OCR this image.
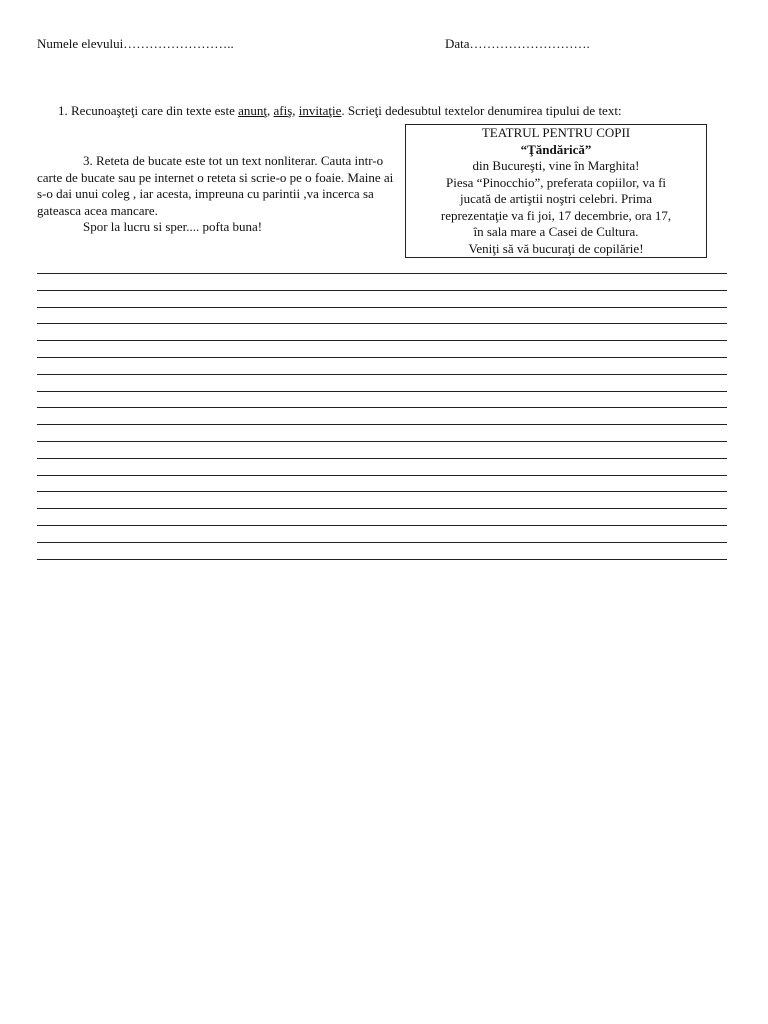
Numele elevului……………………..	Data……………………….
1. Recunoaşteţi care din texte este anunţ, afiş, invitaţie. Scrieţi dedesubtul textelor denumirea tipului de text:

3. Reteta de bucate este tot un text nonliterar. Cauta intr-o carte de bucate sau pe internet o reteta si scrie-o pe o foaie. Maine ai s-o dai unui coleg , iar acesta, impreuna cu parintii ,va incerca sa gateasca acea mancare.

Spor la lucru si sper.... pofta buna!

TEATRUL PENTRU COPII
“Ţăndărică”
din Bucureşti, vine în Marghita!
Piesa “Pinocchio”, preferata copiilor, va fi
jucată de artiştii noştri celebri. Prima
reprezentaţie va fi joi, 17 decembrie, ora 17,
în sala mare a Casei de Cultura.
Veniţi să vă bucuraţi de copilărie!
